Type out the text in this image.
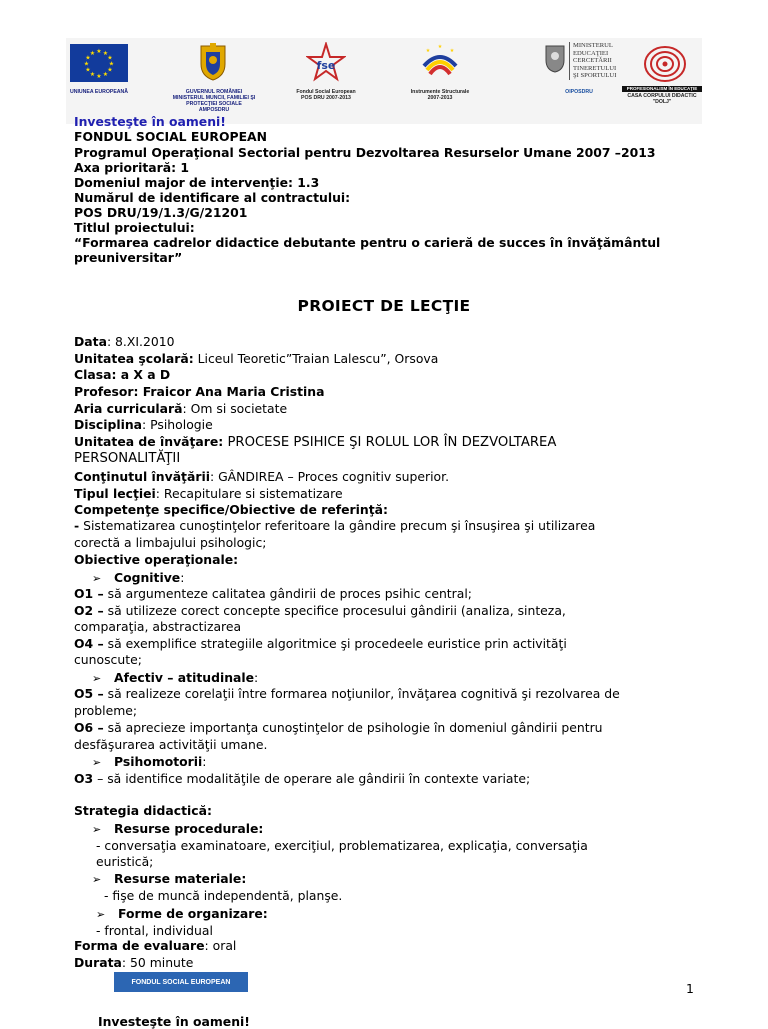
★ ★
★
★
★
★
★
★
★
★
★
★
UNIUNEA EUROPEANĂ	GUVERNUL ROMÂNIEI
MINISTERUL MUNCII, FAMILIEI ŞI
PROTECŢIEI SOCIALE
AMPOSDRU
fse
Fondul Social European
POS DRU 2007-2013
★
★	★
Instrumente Structurale
2007-2013
OIPOSDRU
MINISTERUL
EDUCAŢIEI
CERCETĂRII
TINERETULUI
ŞI SPORTULUI
PROFESIONALISM ÎN EDUCAŢIE
CASA CORPULUI DIDACTIC
"DOLJ"
Investeşte în oameni!
FONDUL SOCIAL EUROPEAN
Programul Operaţional Sectorial pentru Dezvoltarea Resurselor Umane 2007 –2013
Axa prioritară: 1
Domeniul major de intervenţie: 1.3
Numărul de identificare al contractului:
POS DRU/19/1.3/G/21201
Titlul proiectului:
“Formarea cadrelor didactice debutante pentru o carieră de succes în învăţământul
preuniversitar”
PROIECT DE LECŢIE
Data: 8.XI.2010
Unitatea şcolară: Liceul Teoretic”Traian Lalescu”, Orsova
Clasa: a X a D
Profesor: Fraicor Ana Maria Cristina
Aria curriculară: Om si societate
Disciplina: Psihologie
Unitatea de învăţare: PROCESE PSIHICE ŞI ROLUL LOR ÎN DEZVOLTAREA
PERSONALITĂŢII
Conţinutul învăţării: GÂNDIREA – Proces cognitiv superior.
Tipul lecţiei: Recapitulare si sistematizare
Competenţe specifice/Obiective de referinţă:
- Sistematizarea cunoştinţelor referitoare la gândire precum şi însuşirea şi utilizarea
corectă a limbajului psihologic;
Obiective operaţionale:
➢ Cognitive:
O1 – să argumenteze calitatea gândirii de proces psihic central;
O2 – să utilizeze corect concepte specifice procesului gândirii (analiza, sinteza,
comparaţia, abstractizarea
O4 – să exemplifice strategiile algoritmice şi procedeele euristice prin activităţi
cunoscute;
➢ Afectiv – atitudinale:
O5 – să realizeze corelaţii între formarea noţiunilor, învăţarea cognitivă şi rezolvarea de
probleme;
O6 – să aprecieze importanţa cunoştinţelor de psihologie în domeniul gândirii pentru
desfăşurarea activităţii umane.
➢ Psihomotorii:
O3 – să identifice modalităţile de operare ale gândirii în contexte variate;
Strategia didactică:
➢ Resurse procedurale:
- conversaţia examinatoare, exerciţiul, problematizarea, explicaţia, conversaţia
euristică;
➢ Resurse materiale:
- fişe de muncă independentă, planşe.
➢ Forme de organizare:
- frontal, individual
Forma de evaluare: oral
Durata: 50 minute
FONDUL SOCIAL EUROPEAN	1
Investeşte în oameni!
